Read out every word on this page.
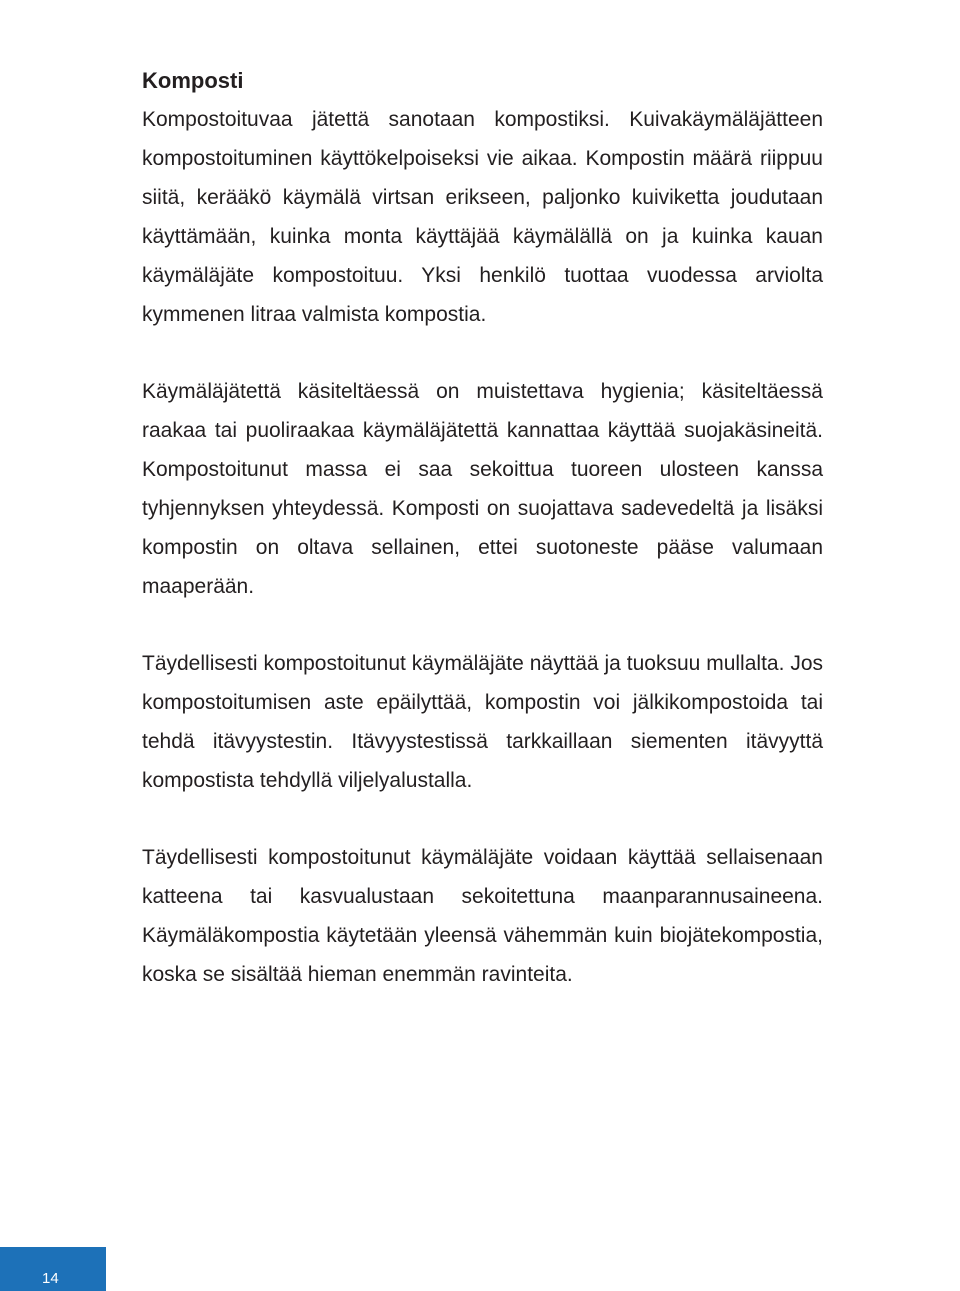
Komposti

Kompostoituvaa jätettä sanotaan kompostiksi. Kuivakäymäläjätteen kompostoituminen käyttökelpoiseksi vie aikaa. Kompostin määrä riippuu siitä, kerääkö käymälä virtsan erikseen, paljonko kuiviketta joudutaan käyttämään, kuinka monta käyttäjää käymälällä on ja kuinka kauan käymäläjäte kompostoituu. Yksi henkilö tuottaa vuodessa arviolta kymmenen litraa valmista kompostia.

Käymäläjätettä käsiteltäessä on muistettava hygienia; käsiteltäessä raakaa tai puoliraakaa käymäläjätettä kannattaa käyttää suojakäsineitä. Kompostoitunut massa ei saa sekoittua tuoreen ulosteen kanssa tyhjennyksen yhteydessä. Komposti on suojattava sadevedeltä ja lisäksi kompostin on oltava sellainen, ettei suotoneste pääse valumaan maaperään.

Täydellisesti kompostoitunut käymäläjäte näyttää ja tuoksuu mullalta. Jos kompostoitumisen aste epäilyttää, kompostin voi jälkikompostoida tai tehdä itävyystestin. Itävyystestissä tarkkaillaan siementen itävyyttä kompostista tehdyllä viljelyalustalla.

Täydellisesti kompostoitunut käymäläjäte voidaan käyttää sellaisenaan katteena tai kasvualustaan sekoitettuna maanparannusaineena. Käymäläkompostia käytetään yleensä vähemmän kuin biojätekompostia, koska se sisältää hieman enemmän ravinteita.

14
